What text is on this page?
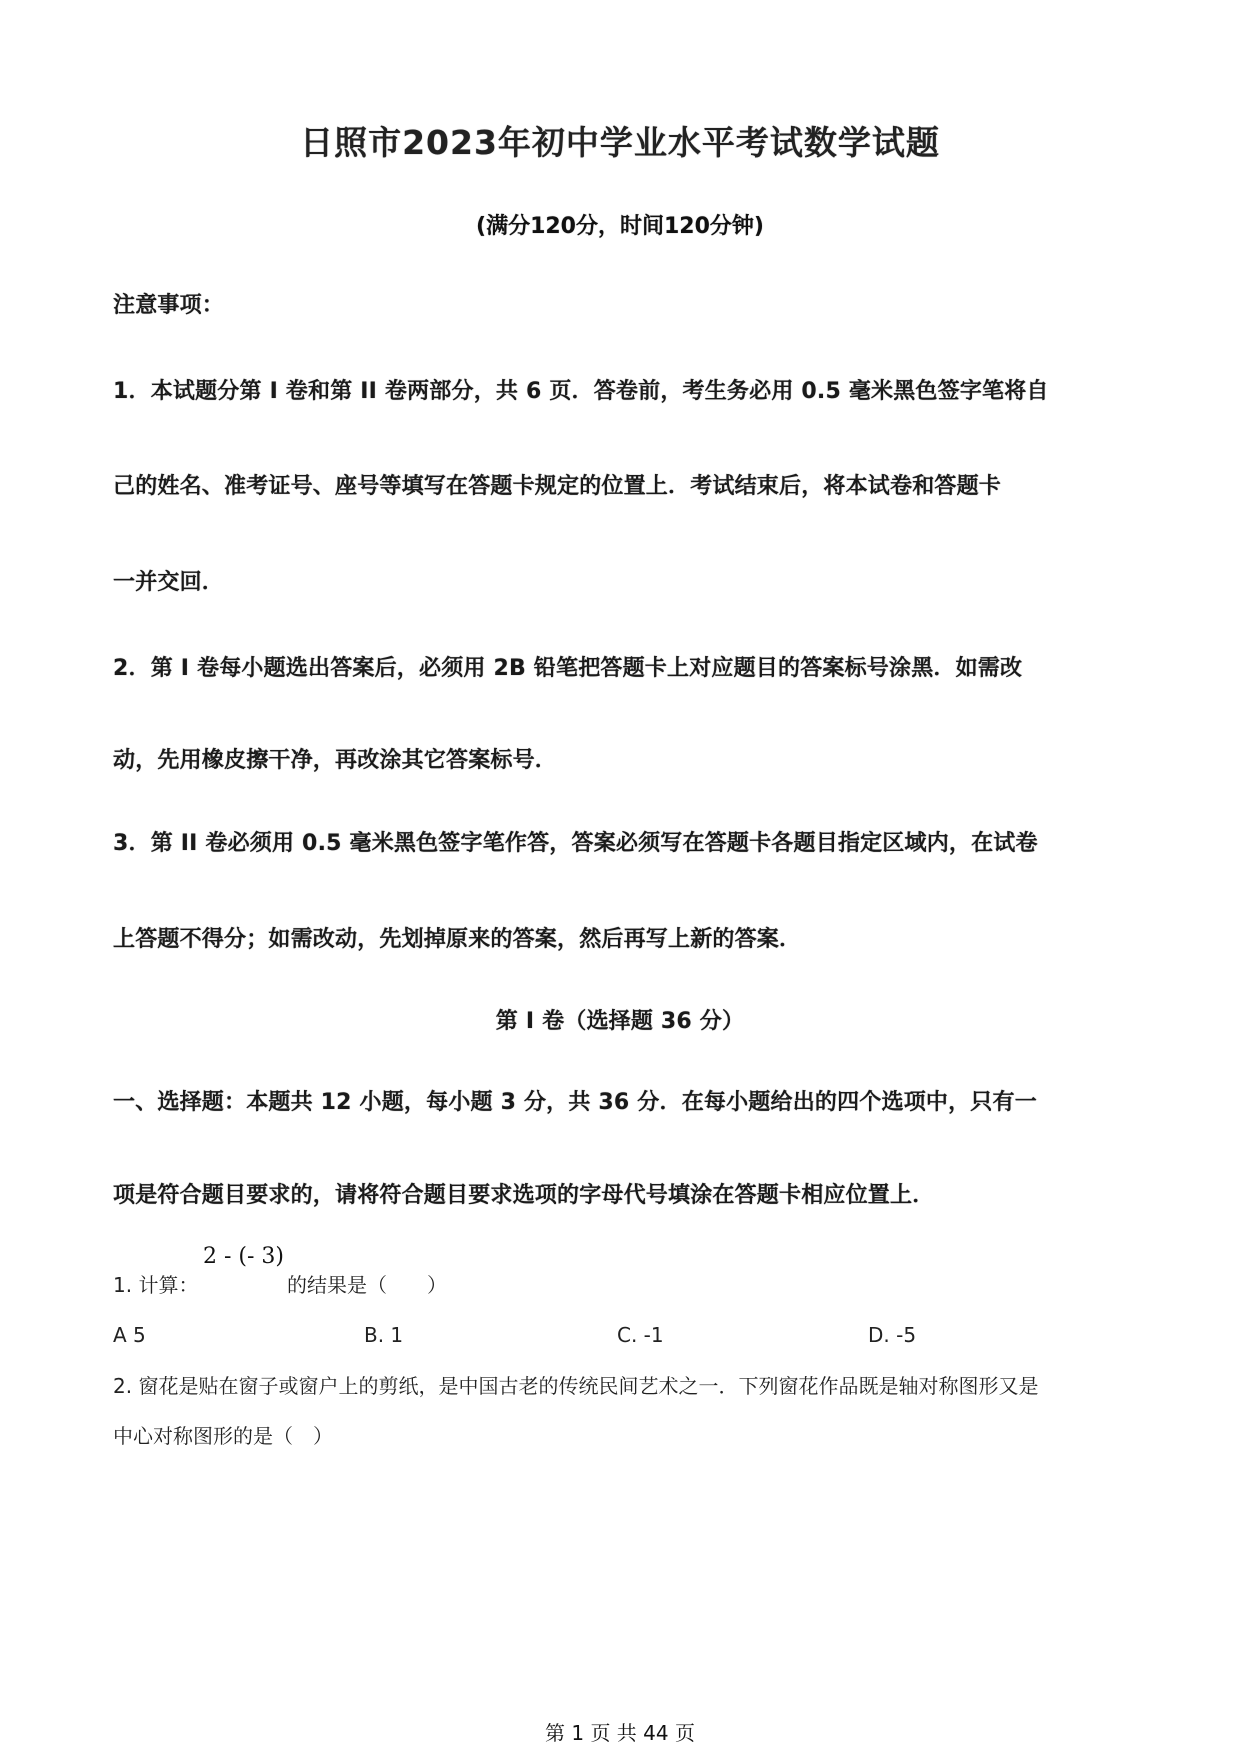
日照市2023年初中学业水平考试数学试题
(满分120分，时间120分钟)
注意事项：
1．本试题分第 I 卷和第 II 卷两部分，共 6 页．答卷前，考生务必用 0.5 毫米黑色签字笔将自
己的姓名、准考证号、座号等填写在答题卡规定的位置上．考试结束后，将本试卷和答题卡
一并交回．
2．第 I 卷每小题选出答案后，必须用 2B 铅笔把答题卡上对应题目的答案标号涂黑．如需改
动，先用橡皮擦干净，再改涂其它答案标号．
3．第 II 卷必须用 0.5 毫米黑色签字笔作答，答案必须写在答题卡各题目指定区域内，在试卷
上答题不得分；如需改动，先划掉原来的答案，然后再写上新的答案．
第 I 卷（选择题 36 分）
一、选择题：本题共 12 小题，每小题 3 分，共 36 分．在每小题给出的四个选项中，只有一
项是符合题目要求的，请将符合题目要求选项的字母代号填涂在答题卡相应位置上．
1. 计算：
2 - (- 3)
的结果是（　　）
A 5	B. 1	C. -1	D. -5
2. 窗花是贴在窗子或窗户上的剪纸，是中国古老的传统民间艺术之一．下列窗花作品既是轴对称图形又是
中心对称图形的是（　）
第 1 页 共 44 页
